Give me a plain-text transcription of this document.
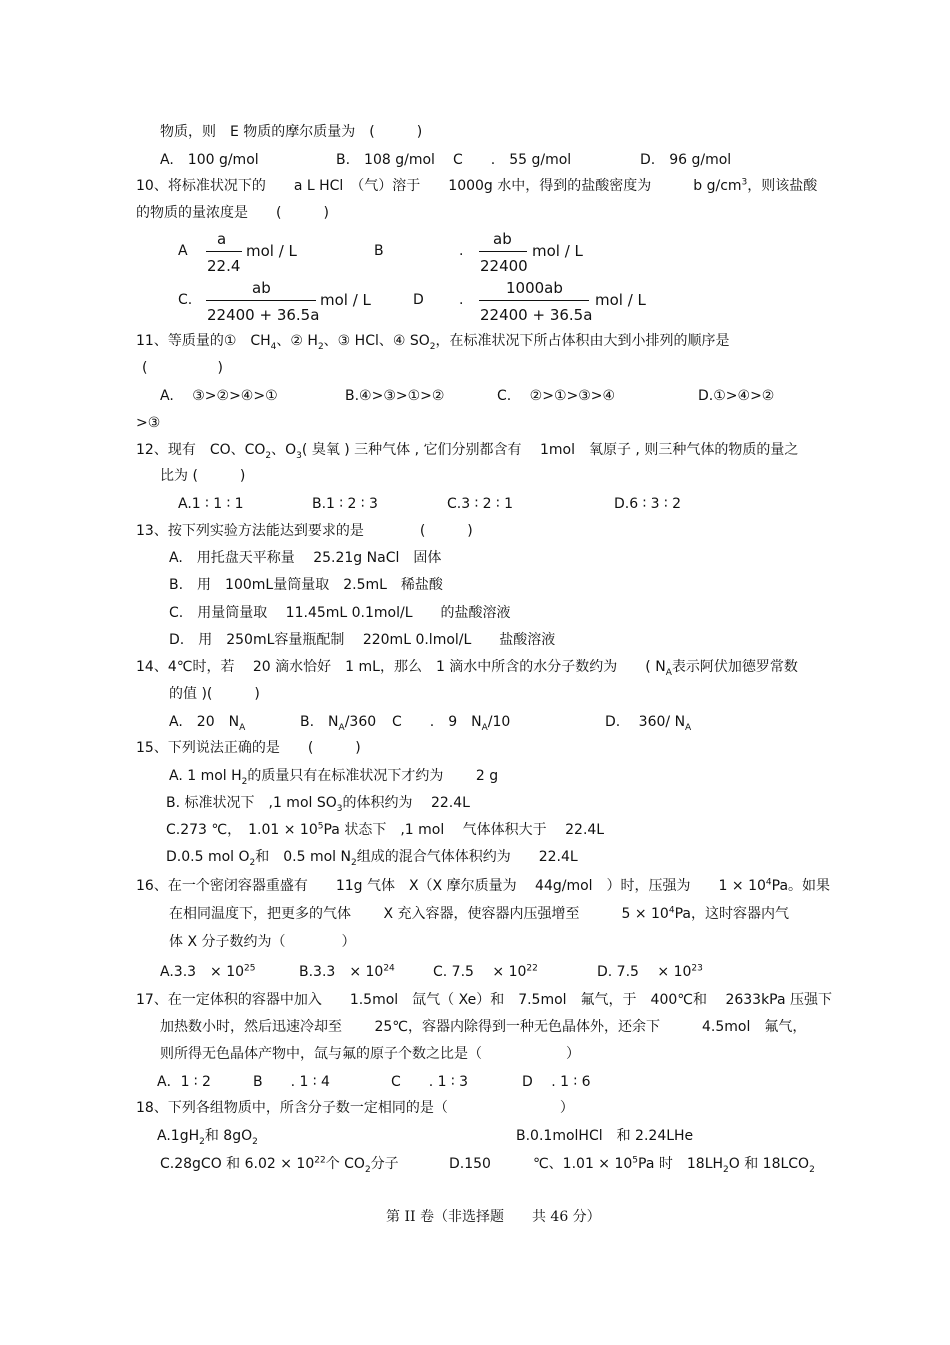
物质，则　E 物质的摩尔质量为　(　　　)
A.　100 g/mol	B.　108 g/mol C　　.　55 g/mol	D.　96 g/mol
10、将标准状况下的　　a L HCl　（气）溶于　　1000g 水中，得到的盐酸密度为　　　b $g/cm^3$，则该盐酸
的物质的量浓度是　　(　　　)
A
a
22.4
mol / L	B	.
ab
22400
mol / L
C.
ab
22400 + 36.5a
mol / L	D	.
1000ab
22400 + 36.5a
mol / L
11、等质量的①　$CH_4$、② $H_2$、③ HCl、④ $SO_2$，在标准状况下所占体积由大到小排列的顺序是
(　　　　　)
A.　 ③>②>④>①	B.④>③>①>②	C.　 ②>①>③>④	D.①>④>②
>③
12、现有　CO、$CO_2$、$O_3$( 臭氧 ) 三种气体 , 它们分别都含有　 1mol　氧原子 , 则三种气体的物质的量之
比为 (　　　)
A.1 ∶ 1 ∶ 1	B.1 ∶ 2 ∶ 3	C.3 ∶ 2 ∶ 1	D.6 ∶ 3 ∶ 2
13、按下列实验方法能达到要求的是　　　　(　　　)
A.　用托盘天平称量　 25.21g NaCl　固体
B.　用　100mL量筒量取　2.5mL　稀盐酸
C.　用量筒量取　 11.45mL 0.1mol/L　　的盐酸溶液
D.　用　250mL容量瓶配制　 220mL 0.lmol/L　　盐酸溶液
14、4℃时，若　 20 滴水恰好　1 mL，那么　1 滴水中所含的水分子数约为　　( $N_A$表示阿伏加德罗常数
的值 )(　　　)
A.　20　$N_A$	B.　$N_A/360$ C　　.　9　$N_A/10$	D.　 360/ $N_A$
15、下列说法正确的是　　(　　　)
A. 1 mol $H_2$的质量只有在标准状况下才约为　　 2 g
B. 标准状况下　,1 mol $SO_3$的体积约为　 22.4L
C.273 ℃，　$1.01 \times 10^5Pa$ 状态下　,1 mol　 气体体积大于　 22.4L
D.0.5 mol $O_2$和　0.5 mol $N_2$组成的混合气体体积约为　　22.4L
16、在一个密闭容器重盛有　　11g 气体　X（X 摩尔质量为　 44g/mol　）时，压强为　　$1 \times 10^4Pa$。如果
在相同温度下，把更多的气体　　 X 充入容器，使容器内压强增至　　　$5 \times 10^4Pa$，这时容器内气
体 X 分子数约为（　　　　）
A.3.3　× $10^{25}$	B.3.3　× $10^{24}$	C. 7.5　 × $10^{22}$	D. 7.5　 × $10^{23}$
17、在一定体积的容器中加入　　1.5mol　氙气（ Xe）和　7.5mol　氟气，于　400℃和　 2633kPa 压强下
加热数小时，然后迅速冷却至　　 25℃，容器内除得到一种无色晶体外，还余下　　　4.5mol　氟气，
则所得无色晶体产物中，氙与氟的原子个数之比是（　　　　　　）
A．1 ∶ 2	B　　. 1 ∶ 4	C　　. 1 ∶ 3	D　 . 1 ∶ 6
18、下列各组物质中，所含分子数一定相同的是（　　　　　　　　）
$A.1gH_2$和 $8gO_2$	B.0.1molHCl　和 2.24LHe
C.28gCO 和 $6.02 \times 10^{22}$个 $CO_2$分子	D.150　　　℃、$1.01 \times 10^5Pa$ 时　$18LH_2O$ 和 $18LCO_2$
第 II 卷（非选择题　　共 46 分）
